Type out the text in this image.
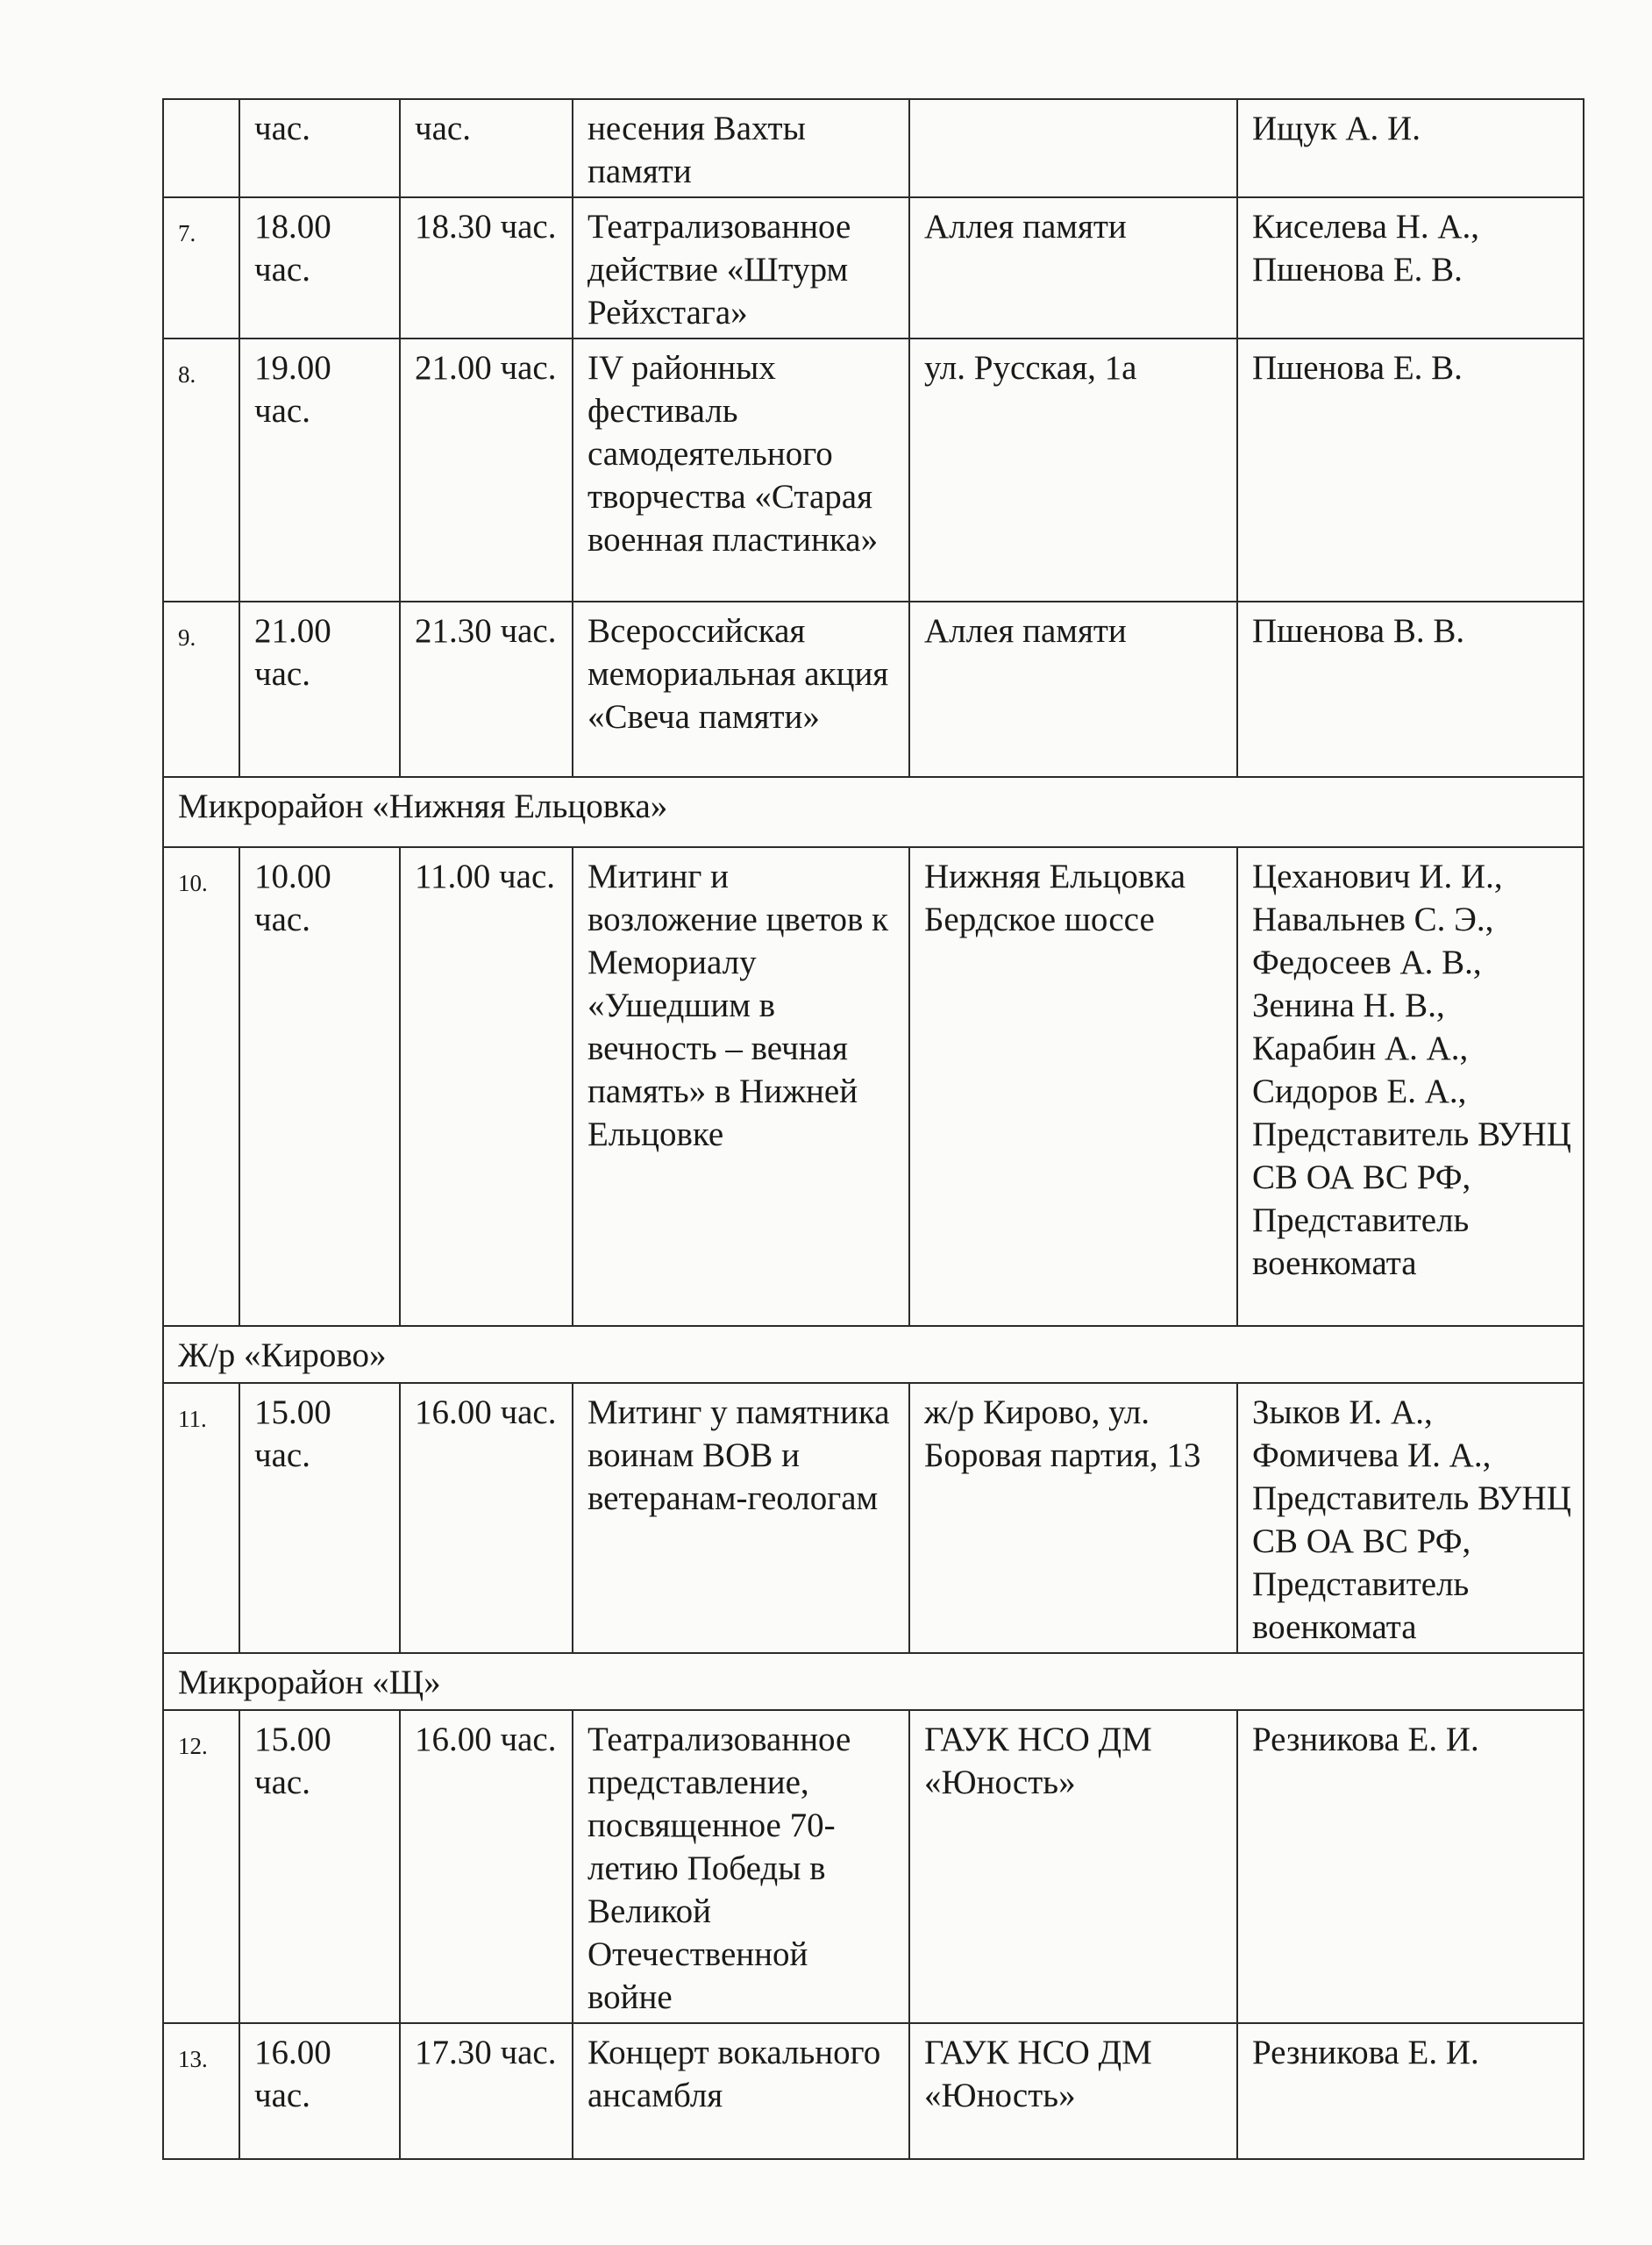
	час.	час.	несения Вахты памяти		Ищук А. И.
7.	18.00 час.	18.30 час.	Театрализованное действие «Штурм Рейхстага»	Аллея памяти	Киселева Н. А., Пшенова Е. В.
8.	19.00 час.	21.00 час.	IV районных фестиваль самодеятельного творчества «Старая военная пластинка»	ул. Русская, 1а	Пшенова Е. В.
9.	21.00 час.	21.30 час.	Всероссийская мемориальная акция «Свеча памяти»	Аллея памяти	Пшенова В. В.
Микрорайон «Нижняя Ельцовка»					
10.	10.00 час.	11.00 час.	Митинг и возложение цветов к Мемориалу «Ушедшим в вечность – вечная память» в Нижней Ельцовке	Нижняя Ельцовка Бердское шоссе	Цеханович И. И., Навальнев С. Э., Федосеев А. В., Зенина Н. В., Карабин А. А., Сидоров Е. А., Представитель ВУНЦ СВ ОА ВС РФ, Представитель военкомата
Ж/р «Кирово»					
11.	15.00 час.	16.00 час.	Митинг у памятника воинам ВОВ и ветеранам-геологам	ж/р Кирово, ул. Боровая партия, 13	Зыков И. А., Фомичева И. А., Представитель ВУНЦ СВ ОА ВС РФ, Представитель военкомата
Микрорайон «Щ»					
12.	15.00 час.	16.00 час.	Театрализованное представление, посвященное 70-летию Победы в Великой Отечественной войне	ГАУК НСО ДМ «Юность»	Резникова Е. И.
13.	16.00 час.	17.30 час.	Концерт вокального ансамбля	ГАУК НСО ДМ «Юность»	Резникова Е. И.
